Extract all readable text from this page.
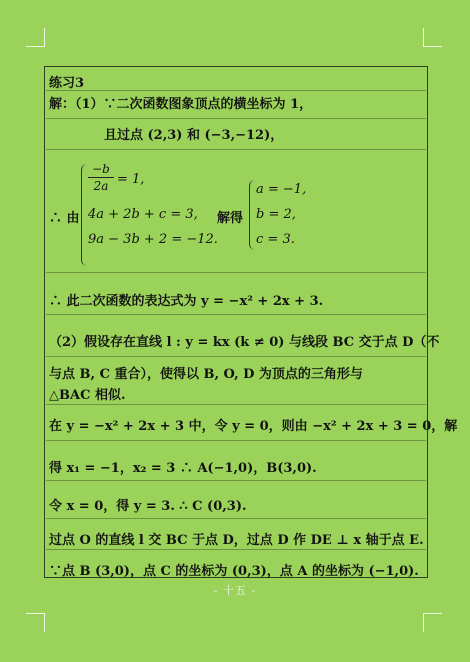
练习3
解：（1）∵二次函数图象顶点的横坐标为 1，
且过点 (2,3) 和 (−3,−12)，
∴ 由
−b
2a = 1,
4a + 2b + c = 3,
9a − 3b + 2 = −12.
解得
a = −1,
b = 2,
c = 3.
∴ 此二次函数的表达式为 y = −x² + 2x + 3.
（2）假设存在直线 l : y = kx (k ≠ 0) 与线段 BC 交于点 D（不
与点 B, C 重合），使得以 B, O, D 为顶点的三角形与
△BAC 相似.
在 y = −x² + 2x + 3 中，令 y = 0，则由 −x² + 2x + 3 = 0，解
得 x₁ = −1，x₂ = 3 ∴ A(−1,0)，B(3,0).
令 x = 0，得 y = 3. ∴ C (0,3).
过点 O 的直线 l 交 BC 于点 D，过点 D 作 DE ⊥ x 轴于点 E.
∵点 B (3,0)，点 C 的坐标为 (0,3)，点 A 的坐标为 (−1,0).
- 十五 -
